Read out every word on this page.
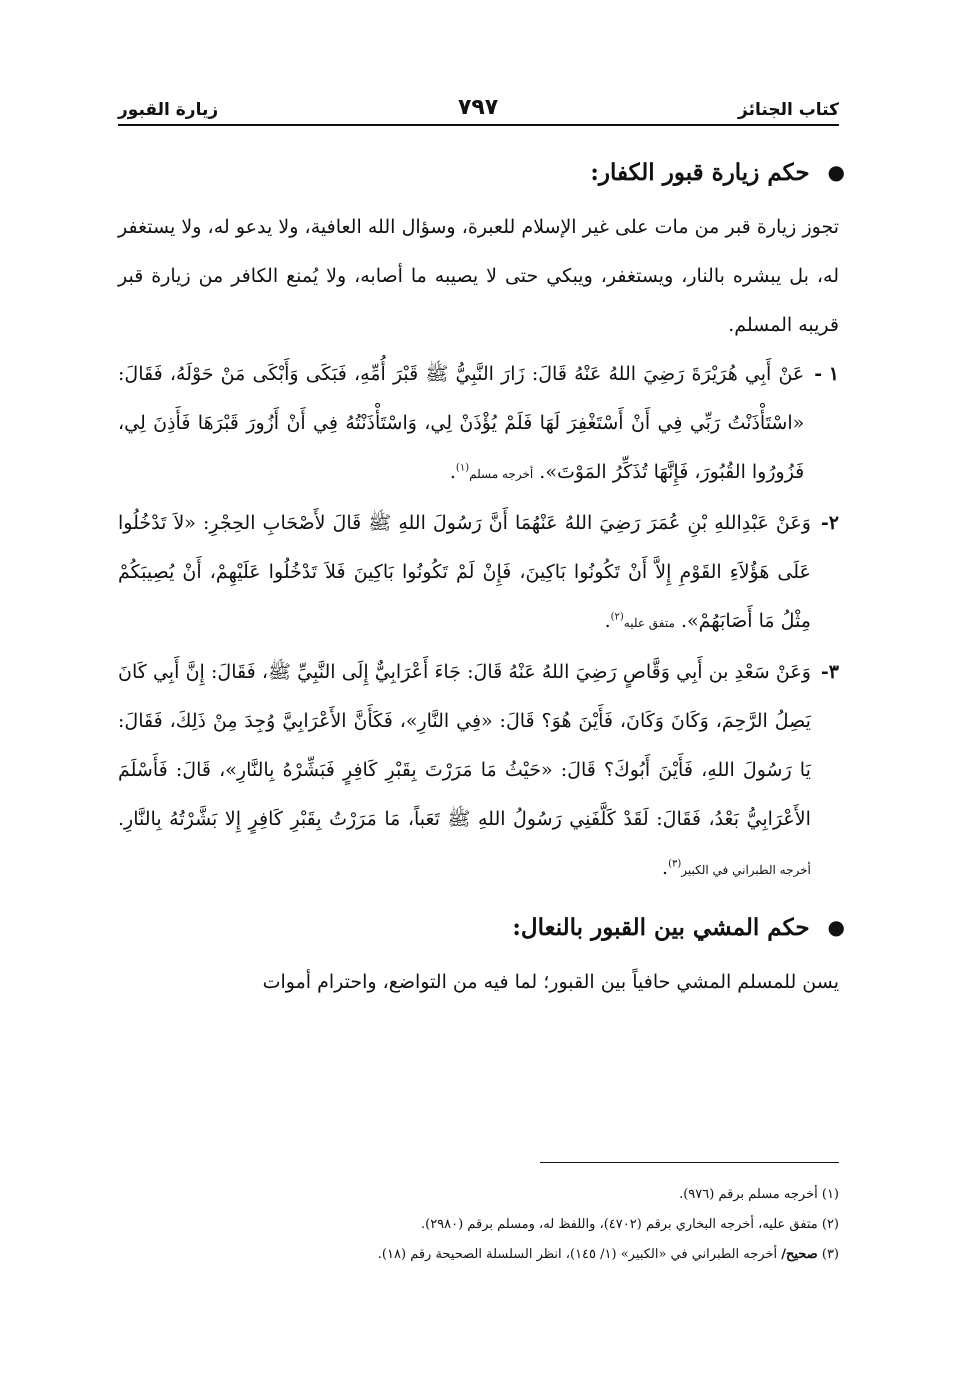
كتاب الجنائز
٧٩٧
زيارة القبور
●
حكم زيارة قبور الكفار:

تجوز زيارة قبر من مات على غير الإسلام للعبرة، وسؤال الله العافية، ولا يدعو له، ولا يستغفر له، بل يبشره بالنار، ويستغفر، ويبكي حتى لا يصيبه ما أصابه، ولا يُمنع الكافر من زيارة قبر قريبه المسلم.

١ -
عَنْ أَبِي هُرَيْرَةَ رَضِيَ اللهُ عَنْهُ قَالَ: زَارَ النَّبِيُّ ﷺ قَبْرَ أُمِّهِ، فَبَكَى وَأَبْكَى مَنْ حَوْلَهُ، فَقَالَ: «اسْتَأْذَنْتُ رَبِّي فِي أَنْ أَسْتَغْفِرَ لَهَا فَلَمْ يُؤْذَنْ لِي، وَاسْتَأْذَنْتُهُ فِي أَنْ أَزُورَ قَبْرَهَا فَأَذِنَ لِي، فَزُورُوا القُبُورَ، فَإِنَّهَا تُذَكِّرُ المَوْتَ». أخرجه مسلم$^{(١)}$.
٢-
وَعَنْ عَبْدِاللهِ بْنِ عُمَرَ رَضِيَ اللهُ عَنْهُمَا أَنَّ رَسُولَ اللهِ ﷺ قَالَ لأَصْحَابِ الحِجْرِ: «لاَ تَدْخُلُوا عَلَى هَؤُلاَءِ القَوْمِ إِلاَّ أَنْ تَكُونُوا بَاكِينَ، فَإِنْ لَمْ تَكُونُوا بَاكِينَ فَلاَ تَدْخُلُوا عَلَيْهِمْ، أَنْ يُصِيبَكُمْ مِثْلُ مَا أَصَابَهُمْ». متفق عليه$^{(٢)}$.
٣-
وَعَنْ سَعْدِ بن أَبِي وَقَّاصٍ رَضِيَ اللهُ عَنْهُ قَالَ: جَاءَ أَعْرَابِيٌّ إِلَى النَّبِيِّ ﷺ، فَقَالَ: إِنَّ أَبِي كَانَ يَصِلُ الرَّحِمَ، وَكَانَ وَكَانَ، فَأَيْنَ هُوَ؟ قَالَ: «فِي النَّارِ»، فَكَأَنَّ الأَعْرَابِيَّ وُجِدَ مِنْ ذَلِكَ، فَقَالَ: يَا رَسُولَ اللهِ، فَأَيْنَ أَبُوكَ؟ قَالَ: «حَيْثُ مَا مَرَرْتَ بِقَبْرِ كَافِرٍ فَبَشِّرْهُ بِالنَّارِ»، قَالَ: فَأَسْلَمَ الأَعْرَابِيُّ بَعْدُ، فَقَالَ: لَقَدْ كَلَّفَنِي رَسُولُ اللهِ ﷺ تَعَباً، مَا مَرَرْتُ بِقَبْرِ كَافِرٍ إِلا بَشَّرْتُهُ بِالنَّارِ. أخرجه الطبراني في الكبير$^{(٣)}$.
●
حكم المشي بين القبور بالنعال:

يسن للمسلم المشي حافياً بين القبور؛ لما فيه من التواضع، واحترام أموات

(١) أخرجه مسلم برقم (٩٧٦).

(٢) متفق عليه، أخرجه البخاري برقم (٤٧٠٢)، واللفظ له، ومسلم برقم (٢٩٨٠).

(٣) صحيح/ أخرجه الطبراني في «الكبير» (١/ ١٤٥)، انظر السلسلة الصحيحة رقم (١٨).
